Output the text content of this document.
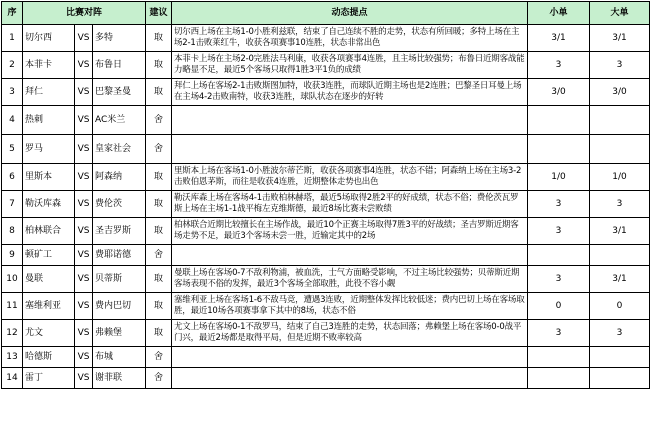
序	比赛对阵			建议	动态提点	小单	大单
1	切尔西	VS	多特	取	切尔西上场在主场1-0小胜利兹联，结束了自己连续不胜的走势，状态有所回暖；多特上场在主场2-1击败莱红牛，收获各项赛事10连胜，状态非常出色	3/1	3/1
2	本菲卡	VS	布鲁日	取	本菲卡上场在主场2-0完胜法马利康，收获各项赛事4连胜，且主场比较强势；布鲁日近期客战能力略显不足，最近5个客场只取得1胜3平1负的成绩	3	3
3	拜仁	VS	巴黎圣曼	取	拜仁上场在客场2-1击败斯图加特，收获3连胜，而球队近期主场也是2连胜；巴黎圣日耳曼上场在主场4-2击败南特，收获3连胜，球队状态在逐步的好转	3/0	3/0
4	热刺	VS	AC米兰	舍			
5	罗马	VS	皇家社会	舍			
6	里斯本	VS	阿森纳	取	里斯本上场在客场1-0小胜波尔蒂芒斯，收获各项赛事4连胜，状态不错；阿森纳上场在主场3-2击败伯恩茅斯，而往是收获4连胜，近期整体走势也出色	1/0	1/0
7	勒沃库森	VS	费伦茨	取	勒沃库森上场在客场4-1击败柏林赫塔，最近5场取得2胜2平的好成绩，状态不俗；费伦茨瓦罗斯上场在主场1-1战平梅左克维斯德，最近8场比赛未尝败绩	3	3
8	柏林联合	VS	圣吉罗斯	取	柏林联合近期比较擅长在主场作战，最近10个正赛主场取得7胜3平的好战绩；圣吉罗斯近期客场走势不足，最近3个客场未尝一胜，近输定其中的2场	3	3/1
9	顿矿工	VS	费耶诺德	舍			
10	曼联	VS	贝蒂斯	取	曼联上场在客场0-7不敌利物浦，被血洗，士气方面略受影响，不过主场比较强势；贝蒂斯近期客场表现不俗的发挥，最近3个客场全部取胜，此役不容小觑	3	3/1
11	塞维利亚	VS	费内巴切	取	塞维利亚上场在客场1-6不敌马竞，遭遇3连败，近期整体发挥比较低迷；费内巴切上场在客场取胜，最近10场各项赛事拿下其中的8场，状态不俗	0	0
12	尤文	VS	弗赖堡	取	尤文上场在客场0-1不敌罗马，结束了自己3连胜的走势，状态回落；弗赖堡上场在客场0-0战平门兴，最近2场都是取得平局，但是近期不败率较高	3	3
13	哈德斯	VS	布城	舍			
14	雷丁	VS	谢菲联	舍			
